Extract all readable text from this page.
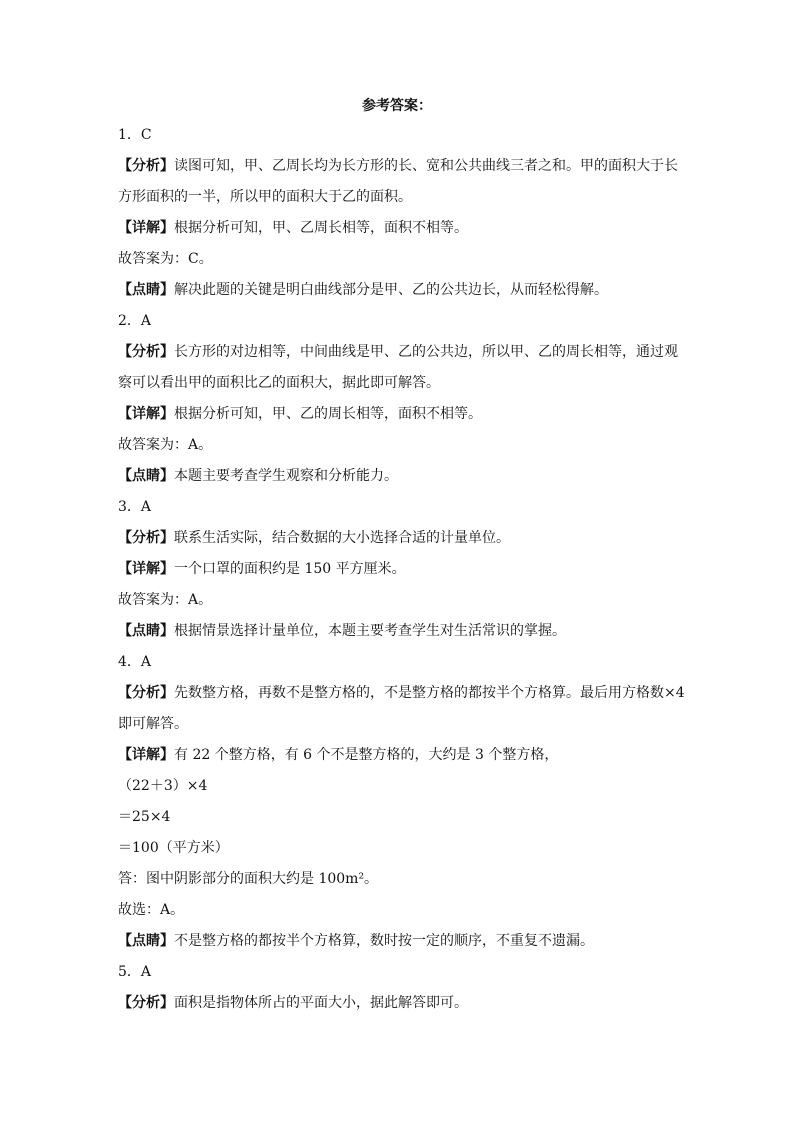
参考答案：
1．C
【分析】读图可知，甲、乙周长均为长方形的长、宽和公共曲线三者之和。甲的面积大于长
方形面积的一半，所以甲的面积大于乙的面积。
【详解】根据分析可知，甲、乙周长相等，面积不相等。
故答案为：C。
【点睛】解决此题的关键是明白曲线部分是甲、乙的公共边长，从而轻松得解。
2．A
【分析】长方形的对边相等，中间曲线是甲、乙的公共边，所以甲、乙的周长相等，通过观
察可以看出甲的面积比乙的面积大，据此即可解答。
【详解】根据分析可知，甲、乙的周长相等，面积不相等。
故答案为：A。
【点睛】本题主要考查学生观察和分析能力。
3．A
【分析】联系生活实际，结合数据的大小选择合适的计量单位。
【详解】一个口罩的面积约是 150 平方厘米。
故答案为：A。
【点睛】根据情景选择计量单位，本题主要考查学生对生活常识的掌握。
4．A
【分析】先数整方格，再数不是整方格的，不是整方格的都按半个方格算。最后用方格数×4
即可解答。
【详解】有 22 个整方格，有 6 个不是整方格的，大约是 3 个整方格，
（22＋3）×4
＝25×4
＝100（平方米）
答：图中阴影部分的面积大约是 100m²。
故选：A。
【点睛】不是整方格的都按半个方格算，数时按一定的顺序，不重复不遗漏。
5．A
【分析】面积是指物体所占的平面大小，据此解答即可。
